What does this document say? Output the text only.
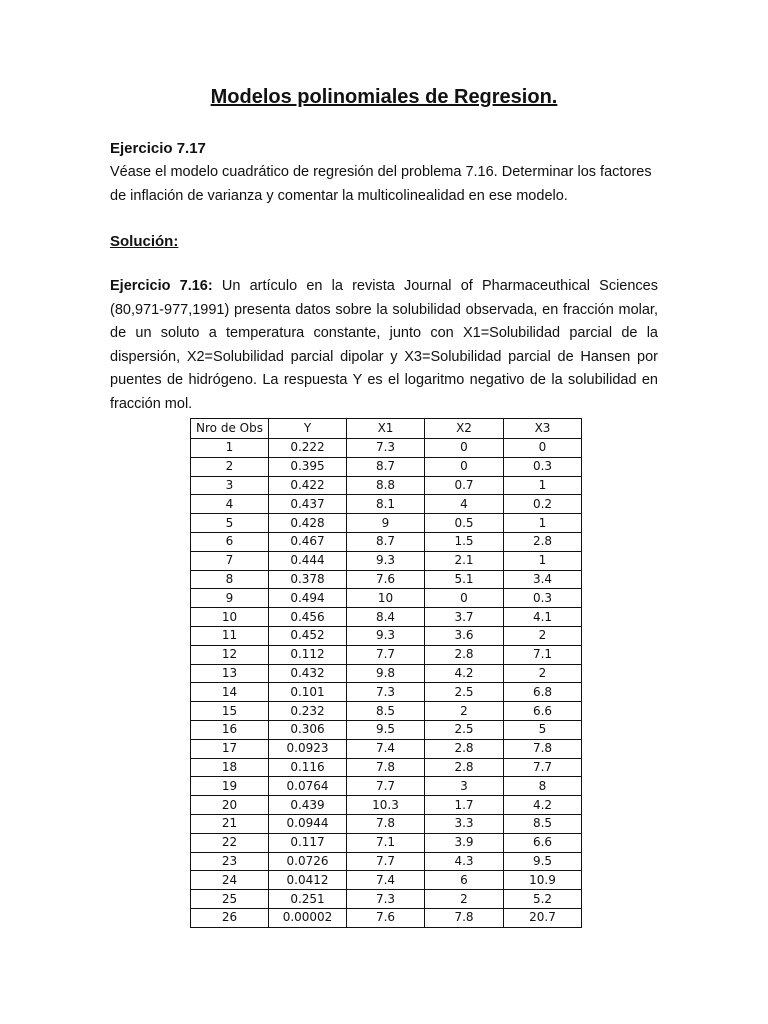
Modelos polinomiales de Regresion.
Ejercicio 7.17

Véase el modelo cuadrático de regresión del problema 7.16. Determinar los factores de inflación de varianza y comentar la multicolinealidad en ese modelo.

Solución:

Ejercicio 7.16: Un artículo en la revista Journal of Pharmaceuthical Sciences (80,971-977,1991) presenta datos sobre la solubilidad observada, en fracción molar, de un soluto a temperatura constante, junto con X1=Solubilidad parcial de la dispersión, X2=Solubilidad parcial dipolar y X3=Solubilidad parcial de Hansen por puentes de hidrógeno. La respuesta Y es el logaritmo negativo de la solubilidad en fracción mol.

Nro de Obs	Y	X1	X2	X3
1	0.222	7.3	0	0
2	0.395	8.7	0	0.3
3	0.422	8.8	0.7	1
4	0.437	8.1	4	0.2
5	0.428	9	0.5	1
6	0.467	8.7	1.5	2.8
7	0.444	9.3	2.1	1
8	0.378	7.6	5.1	3.4
9	0.494	10	0	0.3
10	0.456	8.4	3.7	4.1
11	0.452	9.3	3.6	2
12	0.112	7.7	2.8	7.1
13	0.432	9.8	4.2	2
14	0.101	7.3	2.5	6.8
15	0.232	8.5	2	6.6
16	0.306	9.5	2.5	5
17	0.0923	7.4	2.8	7.8
18	0.116	7.8	2.8	7.7
19	0.0764	7.7	3	8
20	0.439	10.3	1.7	4.2
21	0.0944	7.8	3.3	8.5
22	0.117	7.1	3.9	6.6
23	0.0726	7.7	4.3	9.5
24	0.0412	7.4	6	10.9
25	0.251	7.3	2	5.2
26	0.00002	7.6	7.8	20.7
